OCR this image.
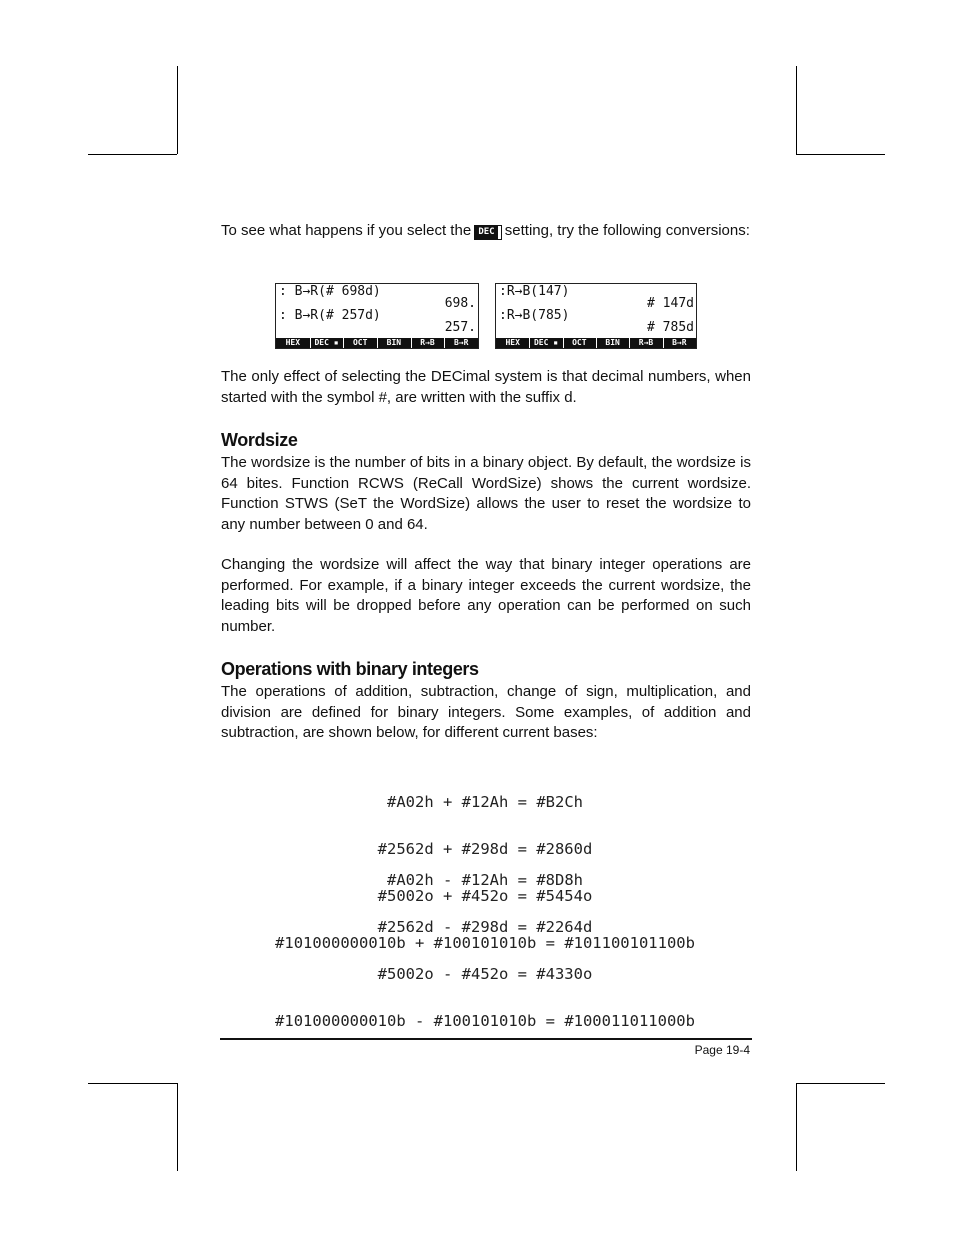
To see what happens if you select the DEC setting, try the following conversions:

: B→R(# 698d)
698.
: B→R(# 257d)
257.
HEX	DEC ▪	OCT	BIN	R→B	B→R
:R→B(147)
# 147d
:R→B(785)
# 785d
HEX	DEC ▪	OCT	BIN	R→B	B→R

The only effect of selecting the DECimal system is that decimal numbers, when started with the symbol #, are written with the suffix d.

Wordsize

The wordsize is the number of bits in a binary object. By default, the wordsize is 64 bites. Function RCWS (ReCall WordSize) shows the current wordsize. Function STWS (SeT the WordSize) allows the user to reset the wordsize to any number between 0 and 64.

Changing the wordsize will affect the way that binary integer operations are performed. For example, if a binary integer exceeds the current wordsize, the leading bits will be dropped before any operation can be performed on such number.

Operations with binary integers

The operations of addition, subtraction, change of sign, multiplication, and division are defined for binary integers. Some examples, of addition and subtraction, are shown below, for different current bases:

#A02h + #12Ah = #B2Ch

#2562d + #298d = #2860d

#5002o + #452o = #5454o

#101000000010b + #100101010b = #101100101100b

#A02h - #12Ah = #8D8h

#2562d - #298d = #2264d

#5002o - #452o = #4330o

#101000000010b - #100101010b = #100011011000b

Page 19-4
